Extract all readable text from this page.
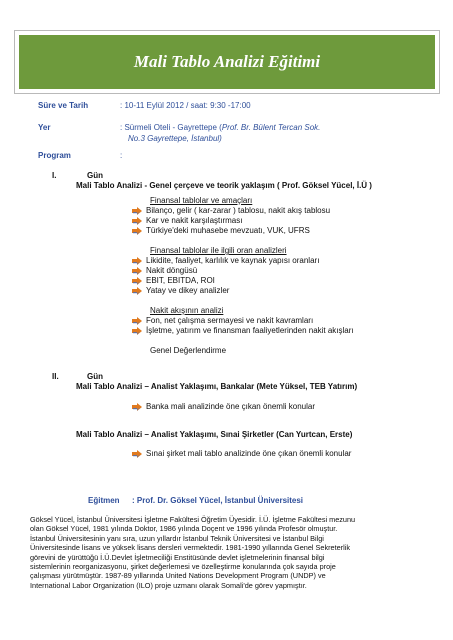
Mali Tablo Analizi Eğitimi
Süre ve Tarih	: 10-11 Eylül 2012 / saat: 9:30 -17:00
Yer	: Sürmeli Oteli - Gayrettepe (Prof. Br. Bülent Tercan Sok.
No.3 Gayrettepe, İstanbul)
Program	:
I.	Gün
Mali Tablo Analizi - Genel çerçeve ve teorik yaklaşım ( Prof. Göksel Yücel, İ.Ü )
Finansal tablolar ve amaçları
Bilanço, gelir ( kar-zarar ) tablosu, nakit akış tablosu
Kar ve nakit karşılaştırması
Türkiye'deki muhasebe mevzuatı, VUK, UFRS
Finansal tablolar ile ilgili oran analizleri
Likidite, faaliyet, karlılık ve kaynak yapısı oranları
Nakit döngüsü
EBIT, EBITDA, ROI
Yatay ve dikey analizler
Nakit akışının analizi
Fon, net çalışma sermayesi ve nakit kavramları
İşletme, yatırım ve finansman faaliyetlerinden nakit akışları
Genel Değerlendirme
II.	Gün
Mali Tablo Analizi – Analist Yaklaşımı, Bankalar (Mete Yüksel, TEB Yatırım)
Banka mali analizinde öne çıkan önemli konular
Mali Tablo Analizi – Analist Yaklaşımı, Sınai Şirketler (Can Yurtcan, Erste)
Sınai şirket mali tablo analizinde öne çıkan önemli konular
Eğitmen : Prof. Dr. Göksel Yücel, İstanbul Üniversitesi
Göksel Yücel, İstanbul Üniversitesi İşletme Fakültesi Öğretim Üyesidir. İ.Ü. İşletme Fakültesi mezunu
olan Göksel Yücel, 1981 yılında Doktor, 1986 yılında Doçent ve 1996 yılında Profesör olmuştur.
İstanbul Üniversitesinin yanı sıra, uzun yıllardır İstanbul Teknik Üniversitesi ve İstanbul Bilgi
Üniversitesinde lisans ve yüksek lisans dersleri vermektedir. 1981-1990 yıllarında Genel Sekreterlik
görevini de yürüttüğü İ.Ü.Devlet İşletmeciliği Enstitüsünde devlet işletmelerinin finansal bilgi
sistemlerinin reorganizasyonu, şirket değerlemesi ve özelleştirme konularında çok sayıda proje
çalışması yürütmüştür. 1987-89 yıllarında United Nations Development Program (UNDP) ve
International Labor Organization (ILO) proje uzmanı olarak Somali'de görev yapmıştır.
